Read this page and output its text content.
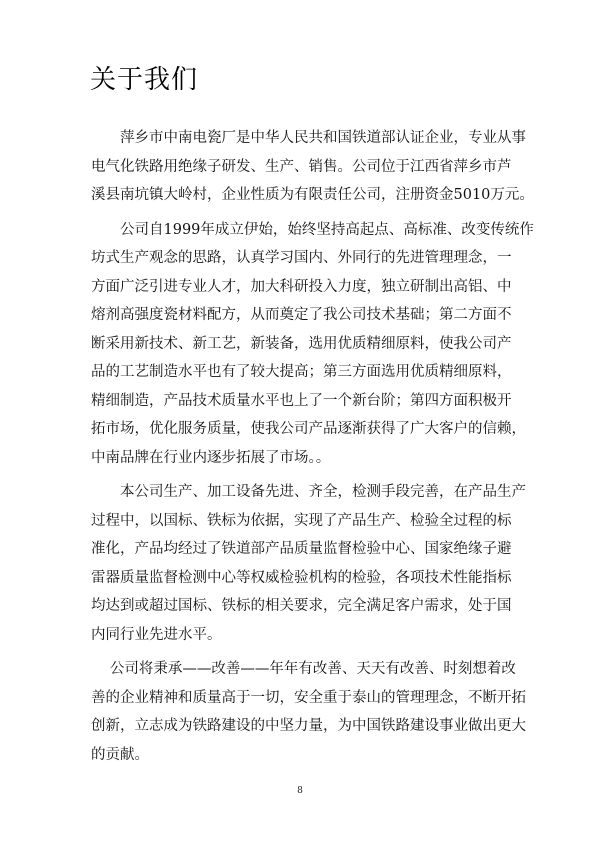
关于我们

萍乡市中南电瓷厂是中华人民共和国铁道部认证企业，专业从事
电气化铁路用绝缘子研发、生产、销售。公司位于江西省萍乡市芦
溪县南坑镇大岭村，企业性质为有限责任公司，注册资金5010万元。

公司自1999年成立伊始，始终坚持高起点、高标准、改变传统作
坊式生产观念的思路，认真学习国内、外同行的先进管理理念，一
方面广泛引进专业人才，加大科研投入力度，独立研制出高铝、中
熔剂高强度瓷材料配方，从而奠定了我公司技术基础；第二方面不
断采用新技术、新工艺，新装备，选用优质精细原料，使我公司产
品的工艺制造水平也有了较大提高；第三方面选用优质精细原料，
精细制造，产品技术质量水平也上了一个新台阶；第四方面积极开
拓市场，优化服务质量，使我公司产品逐渐获得了广大客户的信赖，
中南品牌在行业内逐步拓展了市场。。

本公司生产、加工设备先进、齐全，检测手段完善，在产品生产
过程中，以国标、铁标为依据，实现了产品生产、检验全过程的标
准化，产品均经过了铁道部产品质量监督检验中心、国家绝缘子避
雷器质量监督检测中心等权威检验机构的检验，各项技术性能指标
均达到或超过国标、铁标的相关要求，完全满足客户需求，处于国
内同行业先进水平。

公司将秉承——改善——年年有改善、天天有改善、时刻想着改
善的企业精神和质量高于一切，安全重于泰山的管理理念，不断开拓
创新，立志成为铁路建设的中坚力量，为中国铁路建设事业做出更大
的贡献。

8
